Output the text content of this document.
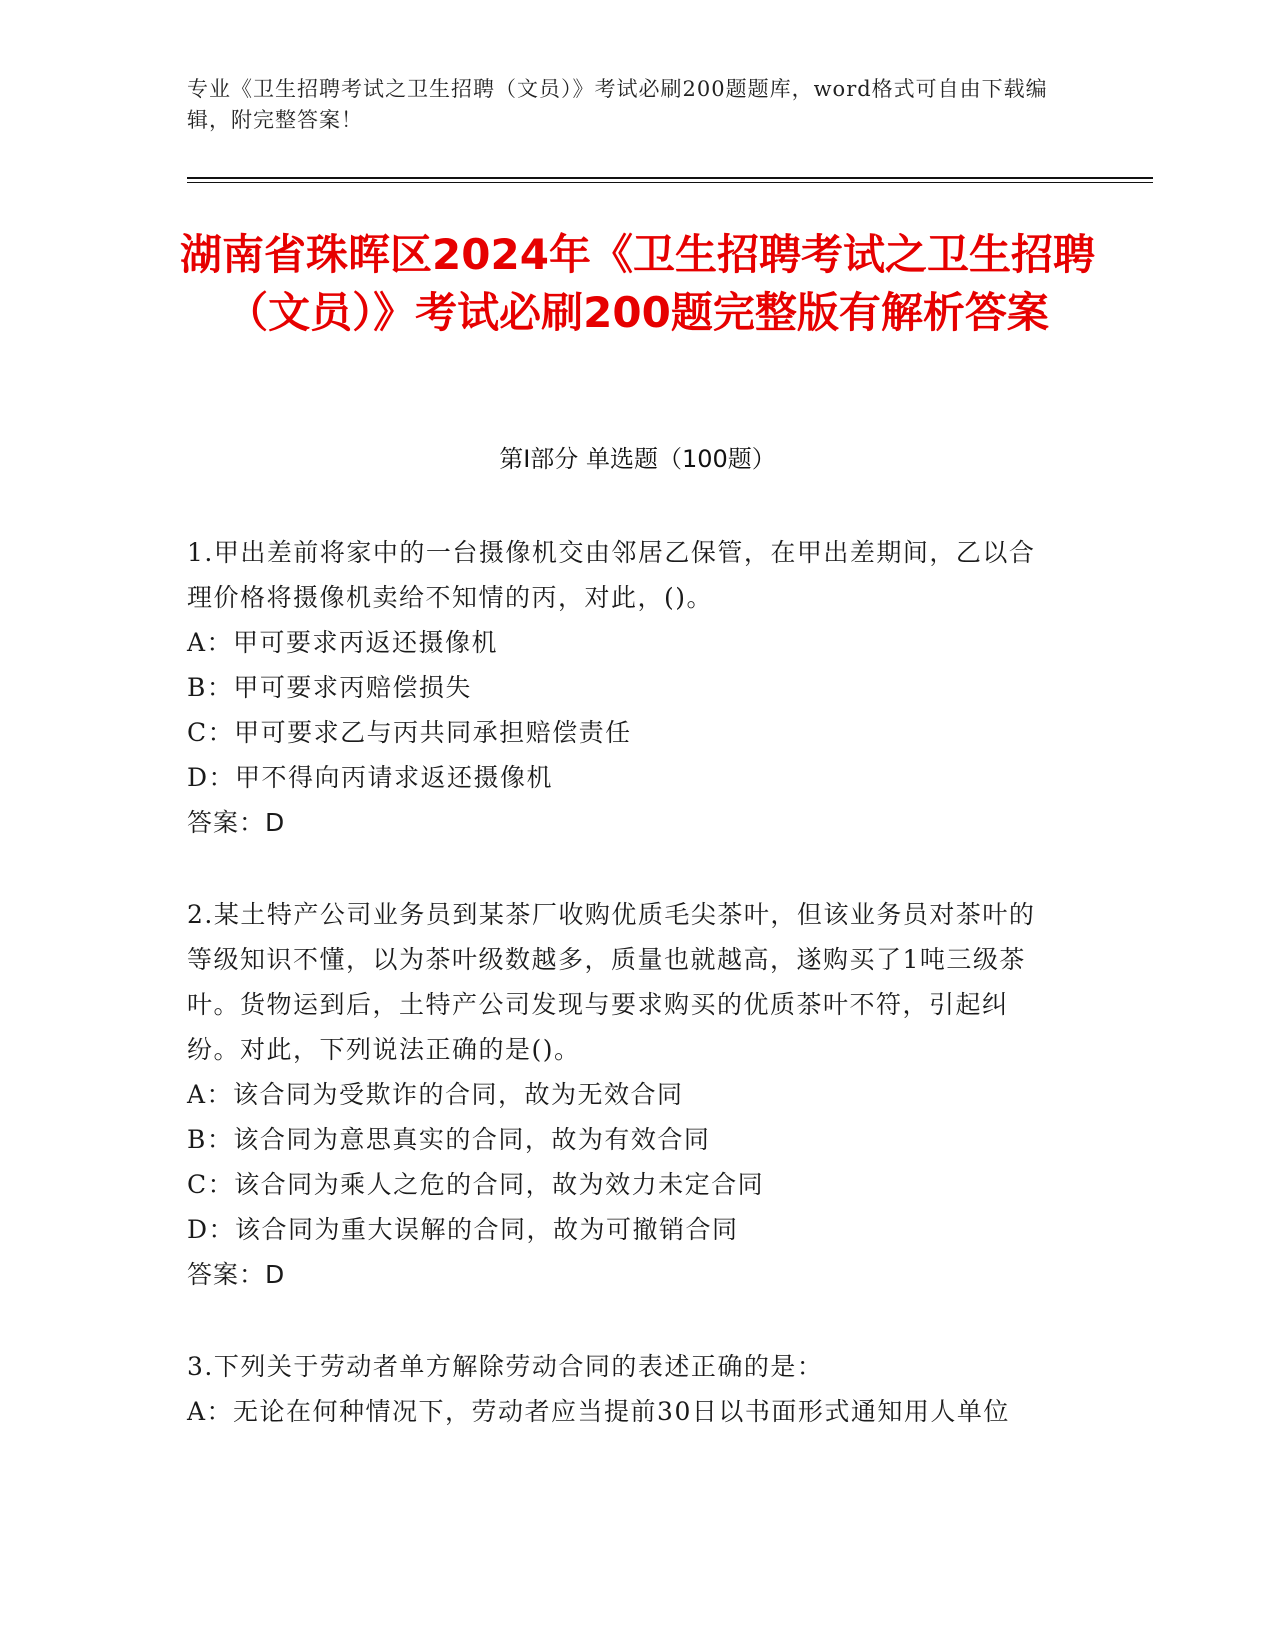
专业《卫生招聘考试之卫生招聘（文员）》考试必刷200题题库，word格式可自由下载编辑，附完整答案！
湖南省珠晖区2024年《卫生招聘考试之卫生招聘（文员）》考试必刷200题完整版有解析答案
第Ⅰ部分 单选题（100题）

1.甲出差前将家中的一台摄像机交由邻居乙保管，在甲出差期间，乙以合理价格将摄像机卖给不知情的丙，对此，()。

A：甲可要求丙返还摄像机

B：甲可要求丙赔偿损失

C：甲可要求乙与丙共同承担赔偿责任

D：甲不得向丙请求返还摄像机

答案：D

2.某土特产公司业务员到某茶厂收购优质毛尖茶叶，但该业务员对茶叶的等级知识不懂，以为茶叶级数越多，质量也就越高，遂购买了1吨三级茶叶。货物运到后，土特产公司发现与要求购买的优质茶叶不符，引起纠纷。对此，下列说法正确的是()。

A：该合同为受欺诈的合同，故为无效合同

B：该合同为意思真实的合同，故为有效合同

C：该合同为乘人之危的合同，故为效力未定合同

D：该合同为重大误解的合同，故为可撤销合同

答案：D

3.下列关于劳动者单方解除劳动合同的表述正确的是：

A：无论在何种情况下，劳动者应当提前30日以书面形式通知用人单位
